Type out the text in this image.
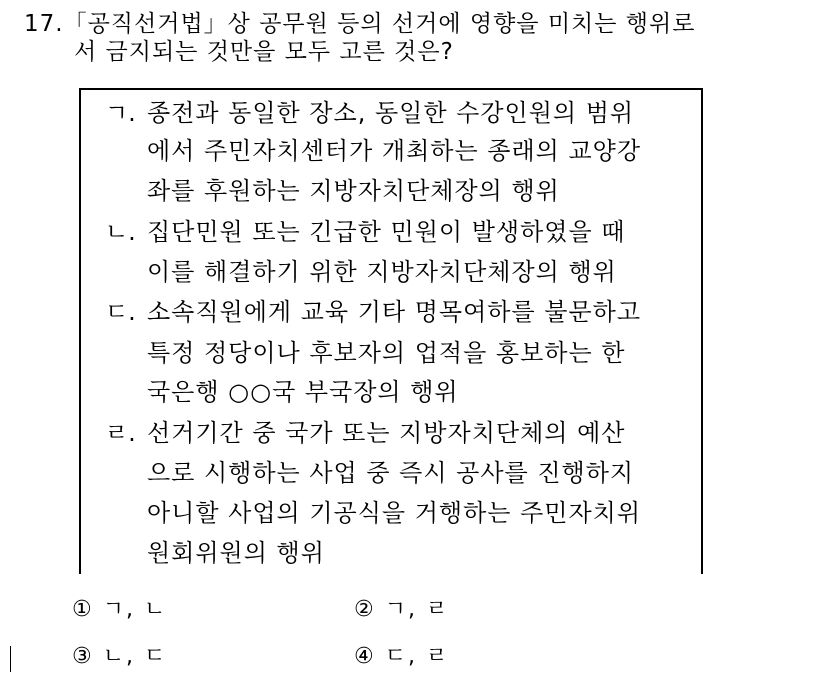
17.「공직선거법」상 공무원 등의 선거에 영향을 미치는 행위로
서 금지되는 것만을 모두 고른 것은?
ㄱ. 종전과 동일한 장소, 동일한 수강인원의 범위
에서 주민자치센터가 개최하는 종래의 교양강
좌를 후원하는 지방자치단체장의 행위
ㄴ. 집단민원 또는 긴급한 민원이 발생하였을 때
이를 해결하기 위한 지방자치단체장의 행위
ㄷ. 소속직원에게 교육 기타 명목여하를 불문하고
특정 정당이나 후보자의 업적을 홍보하는 한
국은행 ○○국 부국장의 행위
ㄹ. 선거기간 중 국가 또는 지방자치단체의 예산
으로 시행하는 사업 중 즉시 공사를 진행하지
아니할 사업의 기공식을 거행하는 주민자치위
원회위원의 행위
① ㄱ, ㄴ	② ㄱ, ㄹ
③ ㄴ, ㄷ	④ ㄷ, ㄹ
